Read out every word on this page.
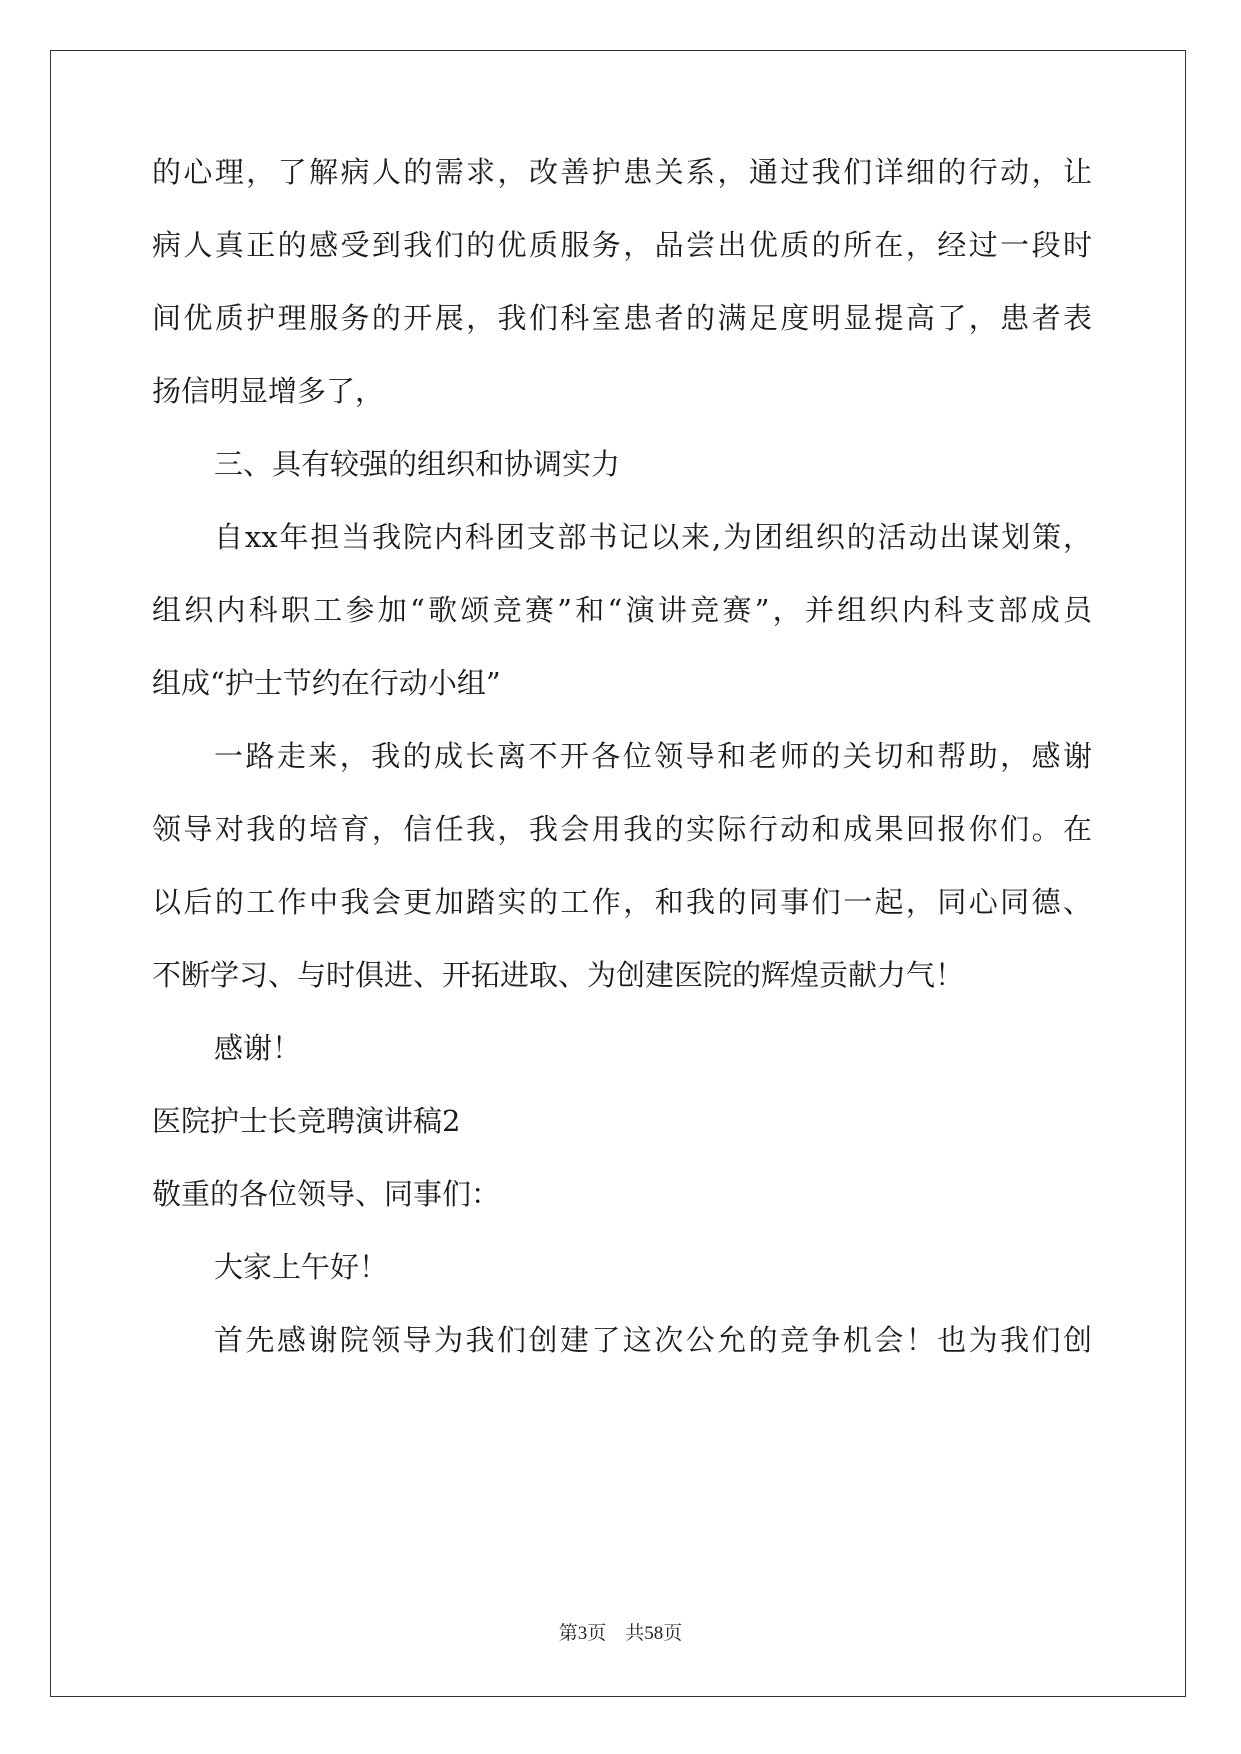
的心理，了解病人的需求，改善护患关系，通过我们详细的行动，让
病人真正的感受到我们的优质服务，品尝出优质的所在，经过一段时
间优质护理服务的开展，我们科室患者的满足度明显提高了，患者表
扬信明显增多了，
三、具有较强的组织和协调实力
自xx年担当我院内科团支部书记以来,为团组织的活动出谋划策，
组织内科职工参加“歌颂竞赛”和“演讲竞赛”，并组织内科支部成员
组成“护士节约在行动小组”
一路走来，我的成长离不开各位领导和老师的关切和帮助，感谢
领导对我的培育，信任我，我会用我的实际行动和成果回报你们。在
以后的工作中我会更加踏实的工作，和我的同事们一起，同心同德、
不断学习、与时俱进、开拓进取、为创建医院的辉煌贡献力气！
感谢！
医院护士长竞聘演讲稿2
敬重的各位领导、同事们：
大家上午好！
首先感谢院领导为我们创建了这次公允的竞争机会！也为我们创
第3页　共58页
